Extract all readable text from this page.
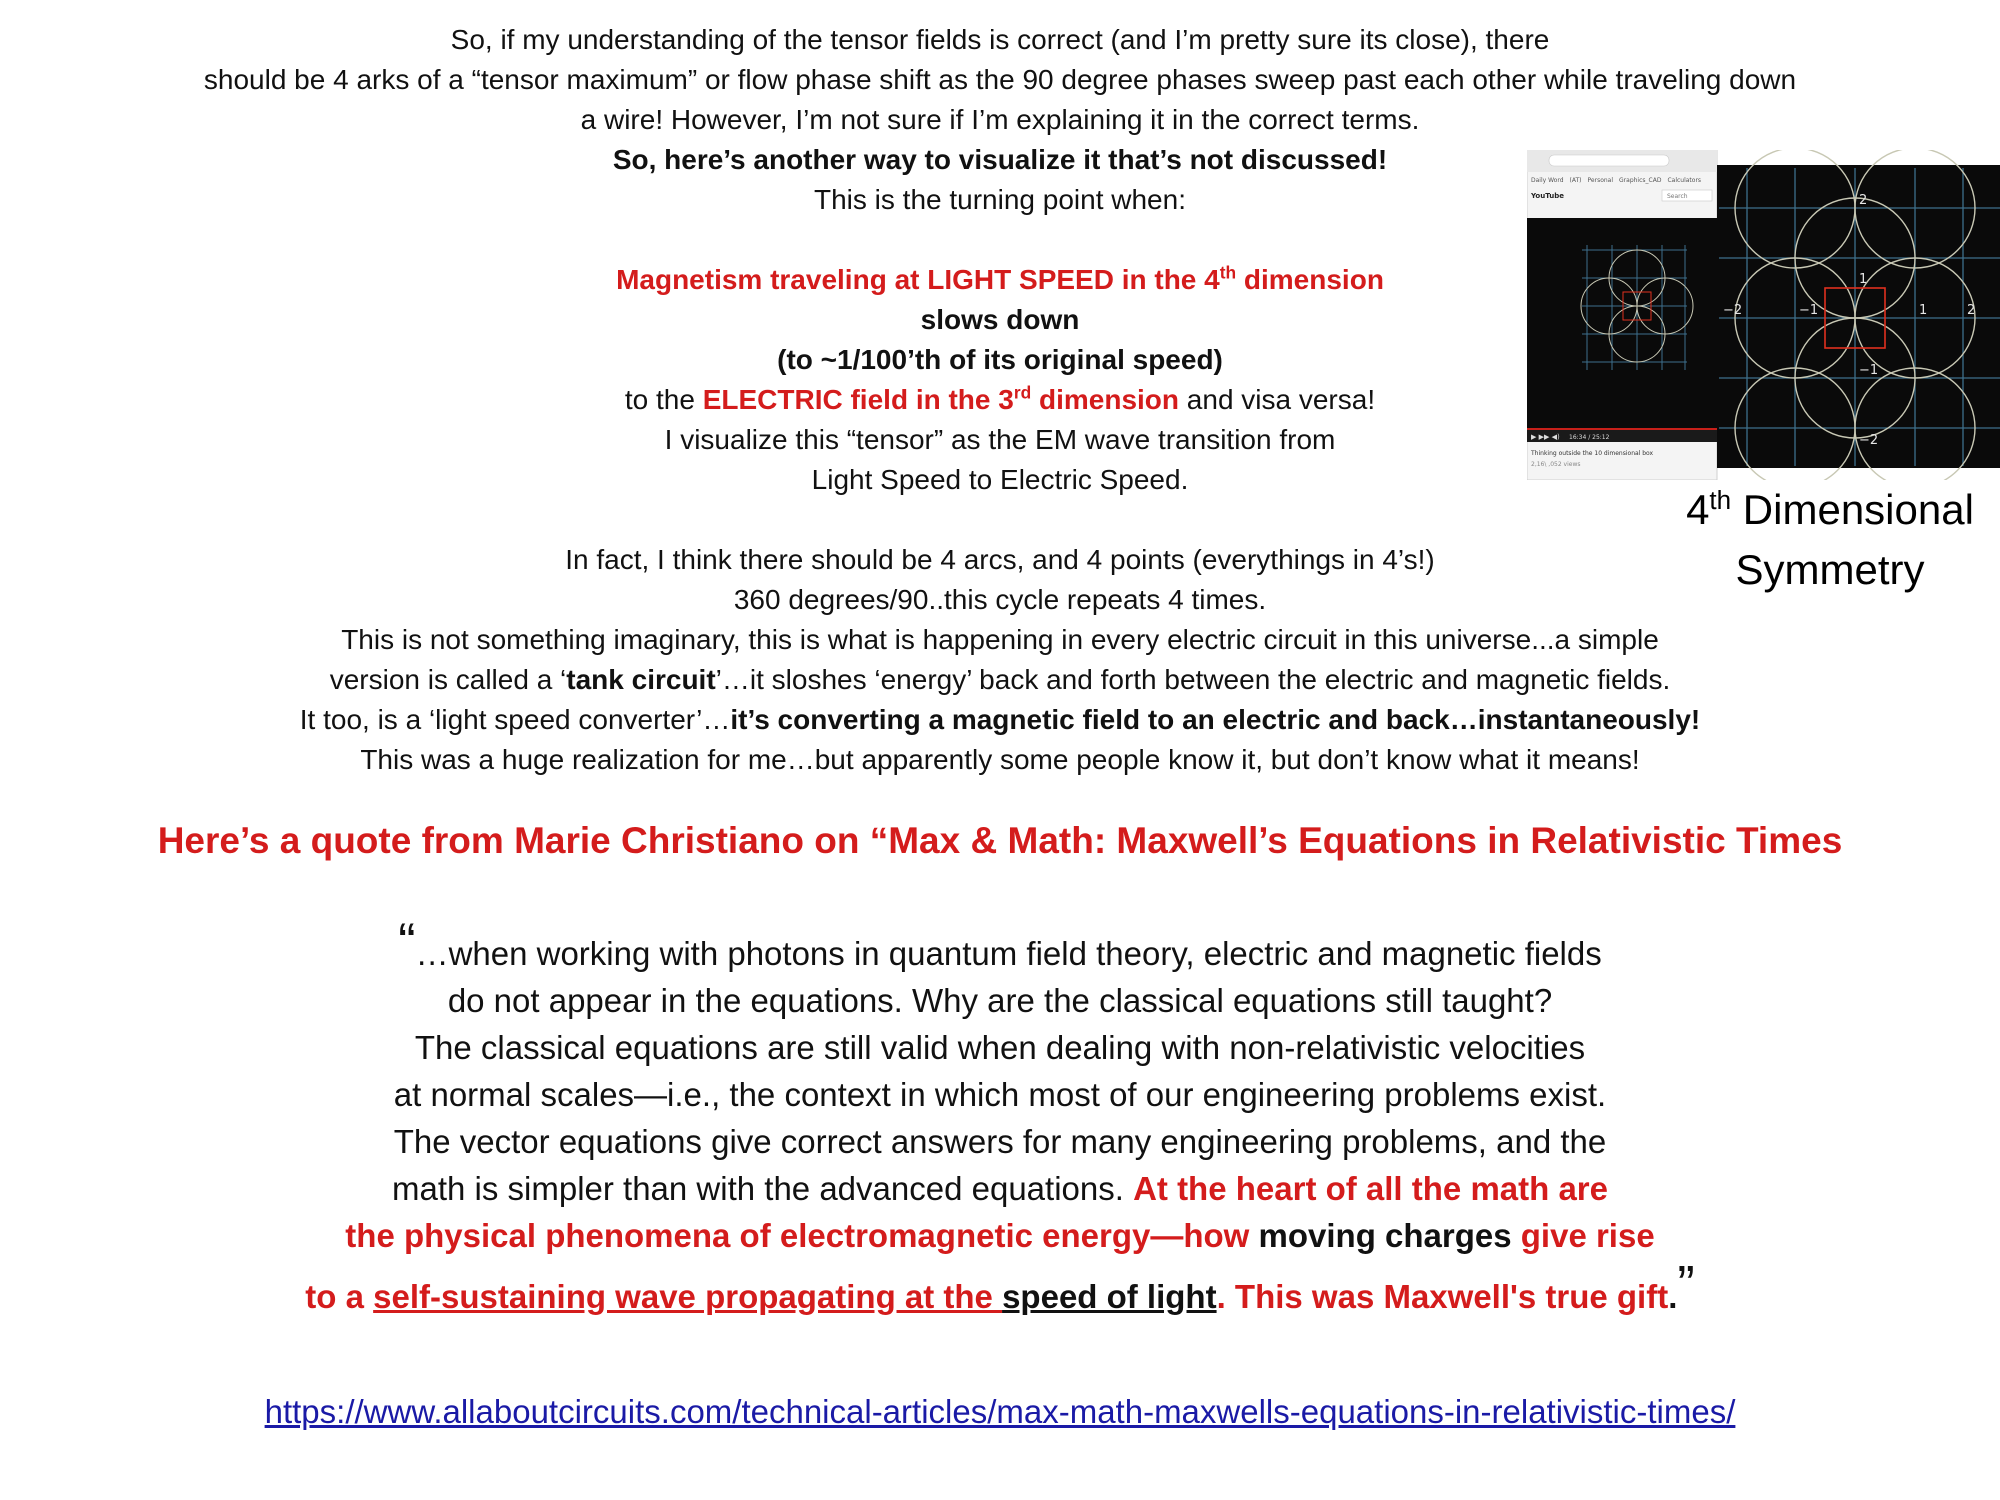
So, if my understanding of the tensor fields is correct (and I’m pretty sure its close), there
should be 4 arks of a “tensor maximum” or flow phase shift as the 90 degree phases sweep past each other while traveling down
a wire! However, I’m not sure if I’m explaining it in the correct terms.
So, here’s another way to visualize it that’s not discussed!
This is the turning point when:
Magnetism traveling at LIGHT SPEED in the 4th dimension
slows down
(to ~1/100’th of its original speed)
to the ELECTRIC field in the 3rd dimension and visa versa!
I visualize this “tensor” as the EM wave transition from
Light Speed to Electric Speed.
In fact, I think there should be 4 arcs, and 4 points (everythings in 4’s!)
360 degrees/90..this cycle repeats 4 times.
This is not something imaginary, this is what is happening in every electric circuit in this universe...a simple
version is called a ‘tank circuit’…it sloshes ‘energy’ back and forth between the electric and magnetic fields.
It too, is a ‘light speed converter’…it’s converting a magnetic field to an electric and back…instantaneously!
This was a huge realization for me…but apparently some people know it, but don’t know what it means!
Daily Word (AT) Personal Graphics_CAD Calculators
YouTube	Search
▶ ▶▶ ◀) 16:34 / 25:12
Thinking outside the 10 dimensional box
2,16\ ,052 views
2
1
−2	−1	1	2
−1
−2
4th Dimensional
Symmetry
Here’s a quote from Marie Christiano on “Max & Math: Maxwell’s Equations in Relativistic Times
“…when working with photons in quantum field theory, electric and magnetic fields
do not appear in the equations. Why are the classical equations still taught?
The classical equations are still valid when dealing with non-relativistic velocities
at normal scales—i.e., the context in which most of our engineering problems exist.
The vector equations give correct answers for many engineering problems, and the
math is simpler than with the advanced equations. At the heart of all the math are
the physical phenomena of electromagnetic energy—how moving charges give rise
to a self-sustaining wave propagating at the speed of light. This was Maxwell's true gift.”
https://www.allaboutcircuits.com/technical-articles/max-math-maxwells-equations-in-relativistic-times/
